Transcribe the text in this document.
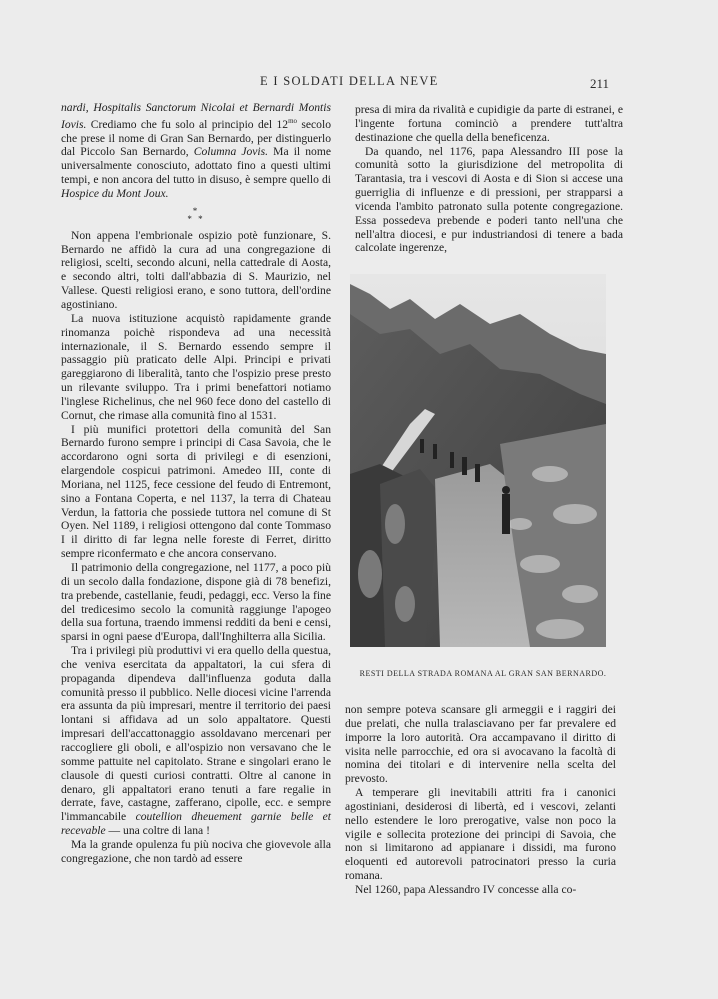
E I SOLDATI DELLA NEVE	211

nardi, Hospitalis Sanctorum Nicolai et Bernardi Montis Iovis. Crediamo che fu solo al principio del $12^{mo}$ secolo che prese il nome di Gran San Bernardo, per distinguerlo dal Piccolo San Bernardo, Columna Jovis. Ma il nome universalmente conosciuto, adottato fino a questi ultimi tempi, e non ancora del tutto in disuso, è sempre quello di Hospice du Mont Joux.

*
* *

Non appena l'embrionale ospizio potè funzionare, S. Bernardo ne affidò la cura ad una congregazione di religiosi, scelti, secondo alcuni, nella cattedrale di Aosta, e secondo altri, tolti dall'abbazia di S. Maurizio, nel Vallese. Questi religiosi erano, e sono tuttora, dell'ordine agostiniano.

La nuova istituzione acquistò rapidamente grande rinomanza poichè rispondeva ad una necessità internazionale, il S. Bernardo essendo sempre il passaggio più praticato delle Alpi. Principi e privati gareggiarono di liberalità, tanto che l'ospizio prese presto un rilevante sviluppo. Tra i primi benefattori notiamo l'inglese Richelinus, che nel 960 fece dono del castello di Cornut, che rimase alla comunità fino al 1531.

I più munifici protettori della comunità del San Bernardo furono sempre i principi di Casa Savoia, che le accordarono ogni sorta di privilegi e di esenzioni, elargendole cospicui patrimoni. Amedeo III, conte di Moriana, nel 1125, fece cessione del feudo di Entremont, sino a Fontana Coperta, e nel 1137, la terra di Chateau Verdun, la fattoria che possiede tuttora nel comune di St Oyen. Nel 1189, i religiosi ottengono dal conte Tommaso I il diritto di far legna nelle foreste di Ferret, diritto sempre riconfermato e che ancora conservano.

Il patrimonio della congregazione, nel 1177, a poco più di un secolo dalla fondazione, dispone già di 78 benefizi, tra prebende, castellanie, feudi, pedaggi, ecc. Verso la fine del tredicesimo secolo la comunità raggiunge l'apogeo della sua fortuna, traendo immensi redditi da beni e censi, sparsi in ogni paese d'Europa, dall'Inghilterra alla Sicilia.

Tra i privilegi più produttivi vi era quello della questua, che veniva esercitata da appaltatori, la cui sfera di propaganda dipendeva dall'influenza goduta dalla comunità presso il pubblico. Nelle diocesi vicine l'arrenda era assunta da più impresari, mentre il territorio dei paesi lontani si affidava ad un solo appaltatore. Questi impresari dell'accattonaggio assoldavano mercenari per raccogliere gli oboli, e all'ospizio non versavano che le somme pattuite nel capitolato. Strane e singolari erano le clausole di questi curiosi contratti. Oltre al canone in denaro, gli appaltatori erano tenuti a fare regalie in derrate, fave, castagne, zafferano, cipolle, ecc. e sempre l'immancabile coutellion dheuement garnie belle et recevable — una coltre di lana !

Ma la grande opulenza fu più nociva che giovevole alla congregazione, che non tardò ad essere

presa di mira da rivalità e cupidigie da parte di estranei, e l'ingente fortuna cominciò a prendere tutt'altra destinazione che quella della beneficenza.

Da quando, nel 1176, papa Alessandro III pose la comunità sotto la giurisdizione del metropolita di Tarantasia, tra i vescovi di Aosta e di Sion si accese una guerriglia di influenze e di pressioni, per strapparsi a vicenda l'ambito patronato sulla potente congregazione. Essa possedeva prebende e poderi tanto nell'una che nell'altra diocesi, e pur industriandosi di tenere a bada calcolate ingerenze,

RESTI DELLA STRADA ROMANA AL GRAN SAN BERNARDO.

non sempre poteva scansare gli armeggii e i raggiri dei due prelati, che nulla tralasciavano per far prevalere ed imporre la loro autorità. Ora accampavano il diritto di visita nelle parrocchie, ed ora si avocavano la facoltà di nomina dei titolari e di intervenire nella scelta del prevosto.

A temperare gli inevitabili attriti fra i canonici agostiniani, desiderosi di libertà, ed i vescovi, zelanti nello estendere le loro prerogative, valse non poco la vigile e sollecita protezione dei principi di Savoia, che non si limitarono ad appianare i dissidi, ma furono eloquenti ed autorevoli patrocinatori presso la curia romana.

Nel 1260, papa Alessandro IV concesse alla co-
